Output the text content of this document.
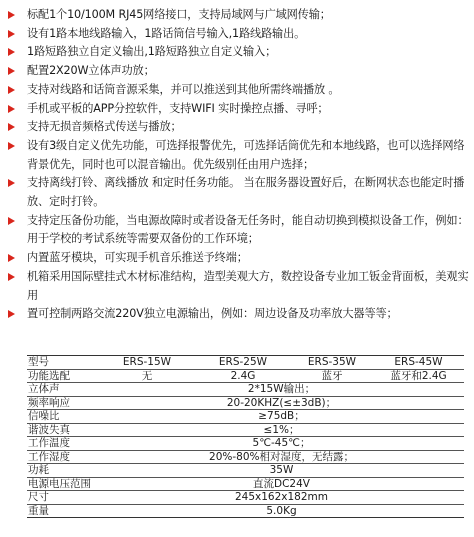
标配1个10/100M RJ45网络接口，支持局域网与广域网传输；
设有1路本地线路输入，1路话筒信号输入,1路线路输出。
1路短路独立自定义输出,1路短路独立自定义输入；
配置2X20W立体声功放；
支持对线路和话筒音源采集，并可以推送到其他所需终端播放 。
手机或平板的APP分控软件，支持WIFI 实时操控点播、寻呼；
支持无损音频格式传送与播放；
设有3级自定义优先功能，可选择报警优先，可选择话筒优先和本地线路，也可以选择网络背景优先，同时也可以混音输出。优先级别任由用户选择；
支持离线打铃、离线播放 和定时任务功能。 当在服务器设置好后，在断网状态也能定时播放、定时打铃。
支持定压备份功能，当电源故障时或者设备无任务时，能自动切换到模拟设备工作，例如：用于学校的考试系统等需要双备份的工作环境；
内置蓝牙模块，可实现手机音乐推送予终端；
机箱采用国际壁挂式木材标准结构，造型美观大方，数控设备专业加工钣金背面板，美观实用
置可控制两路交流220V独立电源输出，例如：周边设备及功率放大器等等；
型号	ERS-15W	ERS-25W	ERS-35W	ERS-45W
功能选配	无	2.4G	蓝牙	蓝牙和2.4G
立体声	2*15W输出；			
频率响应	20-20KHZ(≤±3dB)；			
信噪比	≥75dB；			
谐波失真	≤1%；			
工作温度	5℃-45℃；			
工作湿度	20%-80%相对湿度，无结露；			
功耗	35W			
电源电压范围	直流DC24V			
尺寸	245x162x182mm			
重量	5.0Kg			
